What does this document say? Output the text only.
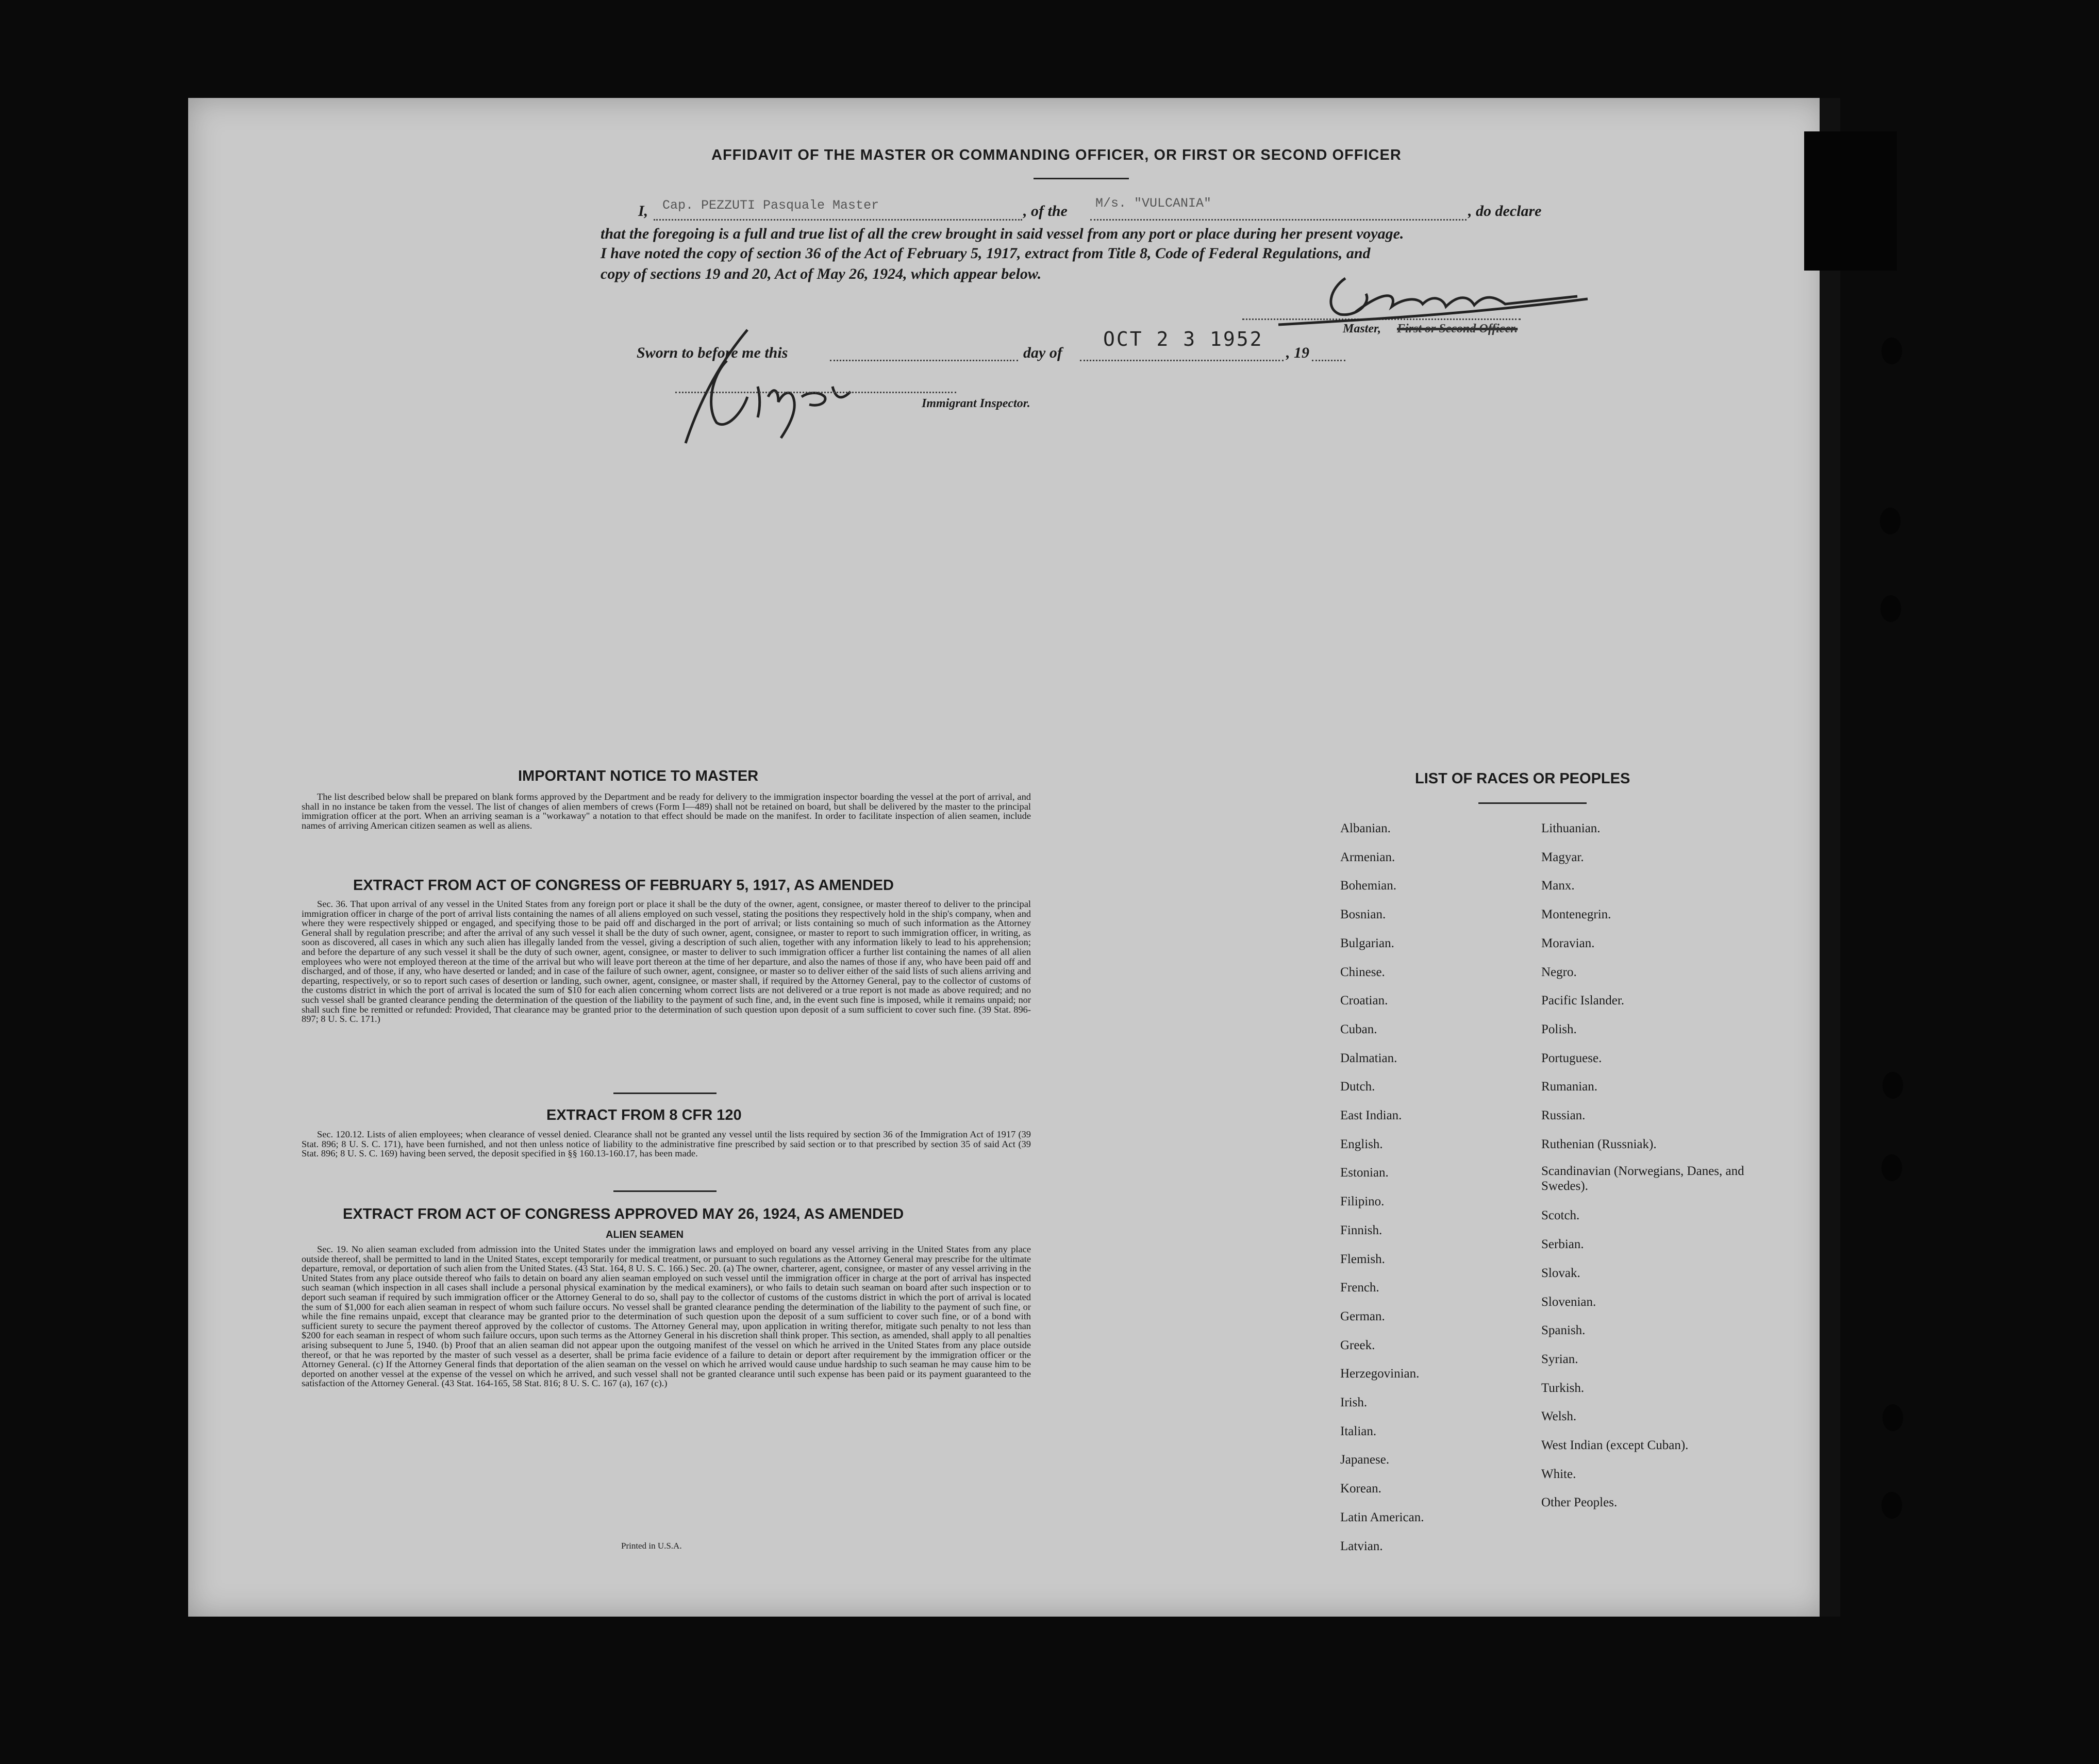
AFFIDAVIT OF THE MASTER OR COMMANDING OFFICER, OR FIRST OR SECOND OFFICER
I, Cap. PEZZUTI Pasquale Master	, of the M/s. "VULCANIA"	, do declare
that the foregoing is a full and true list of all the crew brought in said vessel from any port or place during her present voyage.
I have noted the copy of section 36 of the Act of February 5, 1917, extract from Title 8, Code of Federal Regulations, and
copy of sections 19 and 20, Act of May 26, 1924, which appear below.
Master, First or Second Officer.
Sworn to before me this	day of
OCT 2 3 1952
, 19
Immigrant Inspector.
IMPORTANT NOTICE TO MASTER
The list described below shall be prepared on blank forms approved by the Department and be ready for delivery to the immigration inspector boarding the vessel at the port of arrival, and shall in no instance be taken from the vessel. The list of changes of alien members of crews (Form I—489) shall not be retained on board, but shall be delivered by the master to the principal immigration officer at the port. When an arriving seaman is a "workaway" a notation to that effect should be made on the manifest. In order to facilitate inspection of alien seamen, include names of arriving American citizen seamen as well as aliens.
EXTRACT FROM ACT OF CONGRESS OF FEBRUARY 5, 1917, AS AMENDED
Sec. 36. That upon arrival of any vessel in the United States from any foreign port or place it shall be the duty of the owner, agent, consignee, or master thereof to deliver to the principal immigration officer in charge of the port of arrival lists containing the names of all aliens employed on such vessel, stating the positions they respectively hold in the ship's company, when and where they were respectively shipped or engaged, and specifying those to be paid off and discharged in the port of arrival; or lists containing so much of such information as the Attorney General shall by regulation prescribe; and after the arrival of any such vessel it shall be the duty of such owner, agent, consignee, or master to report to such immigration officer, in writing, as soon as discovered, all cases in which any such alien has illegally landed from the vessel, giving a description of such alien, together with any information likely to lead to his apprehension; and before the departure of any such vessel it shall be the duty of such owner, agent, consignee, or master to deliver to such immigration officer a further list containing the names of all alien employees who were not employed thereon at the time of the arrival but who will leave port thereon at the time of her departure, and also the names of those if any, who have been paid off and discharged, and of those, if any, who have deserted or landed; and in case of the failure of such owner, agent, consignee, or master so to deliver either of the said lists of such aliens arriving and departing, respectively, or so to report such cases of desertion or landing, such owner, agent, consignee, or master shall, if required by the Attorney General, pay to the collector of customs of the customs district in which the port of arrival is located the sum of $10 for each alien concerning whom correct lists are not delivered or a true report is not made as above required; and no such vessel shall be granted clearance pending the determination of the question of the liability to the payment of such fine, and, in the event such fine is imposed, while it remains unpaid; nor shall such fine be remitted or refunded: Provided, That clearance may be granted prior to the determination of such question upon deposit of a sum sufficient to cover such fine. (39 Stat. 896-897; 8 U. S. C. 171.)
EXTRACT FROM 8 CFR 120
Sec. 120.12. Lists of alien employees; when clearance of vessel denied. Clearance shall not be granted any vessel until the lists required by section 36 of the Immigration Act of 1917 (39 Stat. 896; 8 U. S. C. 171), have been furnished, and not then unless notice of liability to the administrative fine prescribed by said section or to that prescribed by section 35 of said Act (39 Stat. 896; 8 U. S. C. 169) having been served, the deposit specified in §§ 160.13-160.17, has been made.
EXTRACT FROM ACT OF CONGRESS APPROVED MAY 26, 1924, AS AMENDED
ALIEN SEAMEN
Sec. 19. No alien seaman excluded from admission into the United States under the immigration laws and employed on board any vessel arriving in the United States from any place outside thereof, shall be permitted to land in the United States, except temporarily for medical treatment, or pursuant to such regulations as the Attorney General may prescribe for the ultimate departure, removal, or deportation of such alien from the United States. (43 Stat. 164, 8 U. S. C. 166.) Sec. 20. (a) The owner, charterer, agent, consignee, or master of any vessel arriving in the United States from any place outside thereof who fails to detain on board any alien seaman employed on such vessel until the immigration officer in charge at the port of arrival has inspected such seaman (which inspection in all cases shall include a personal physical examination by the medical examiners), or who fails to detain such seaman on board after such inspection or to deport such seaman if required by such immigration officer or the Attorney General to do so, shall pay to the collector of customs of the customs district in which the port of arrival is located the sum of $1,000 for each alien seaman in respect of whom such failure occurs. No vessel shall be granted clearance pending the determination of the liability to the payment of such fine, or while the fine remains unpaid, except that clearance may be granted prior to the determination of such question upon the deposit of a sum sufficient to cover such fine, or of a bond with sufficient surety to secure the payment thereof approved by the collector of customs. The Attorney General may, upon application in writing therefor, mitigate such penalty to not less than $200 for each seaman in respect of whom such failure occurs, upon such terms as the Attorney General in his discretion shall think proper. This section, as amended, shall apply to all penalties arising subsequent to June 5, 1940. (b) Proof that an alien seaman did not appear upon the outgoing manifest of the vessel on which he arrived in the United States from any place outside thereof, or that he was reported by the master of such vessel as a deserter, shall be prima facie evidence of a failure to detain or deport after requirement by the immigration officer or the Attorney General. (c) If the Attorney General finds that deportation of the alien seaman on the vessel on which he arrived would cause undue hardship to such seaman he may cause him to be deported on another vessel at the expense of the vessel on which he arrived, and such vessel shall not be granted clearance until such expense has been paid or its payment guaranteed to the satisfaction of the Attorney General. (43 Stat. 164-165, 58 Stat. 816; 8 U. S. C. 167 (a), 167 (c).)
Printed in U.S.A.
LIST OF RACES OR PEOPLES
Albanian.
Armenian.
Bohemian.
Bosnian.
Bulgarian.
Chinese.
Croatian.
Cuban.
Dalmatian.
Dutch.
East Indian.
English.
Estonian.
Filipino.
Finnish.
Flemish.
French.
German.
Greek.
Herzegovinian.
Irish.
Italian.
Japanese.
Korean.
Latin American.
Latvian.
Lithuanian.
Magyar.
Manx.
Montenegrin.
Moravian.
Negro.
Pacific Islander.
Polish.
Portuguese.
Rumanian.
Russian.
Ruthenian (Russniak).
Scandinavian (Norwegians, Danes, and Swedes).
Scotch.
Serbian.
Slovak.
Slovenian.
Spanish.
Syrian.
Turkish.
Welsh.
West Indian (except Cuban).
White.
Other Peoples.
